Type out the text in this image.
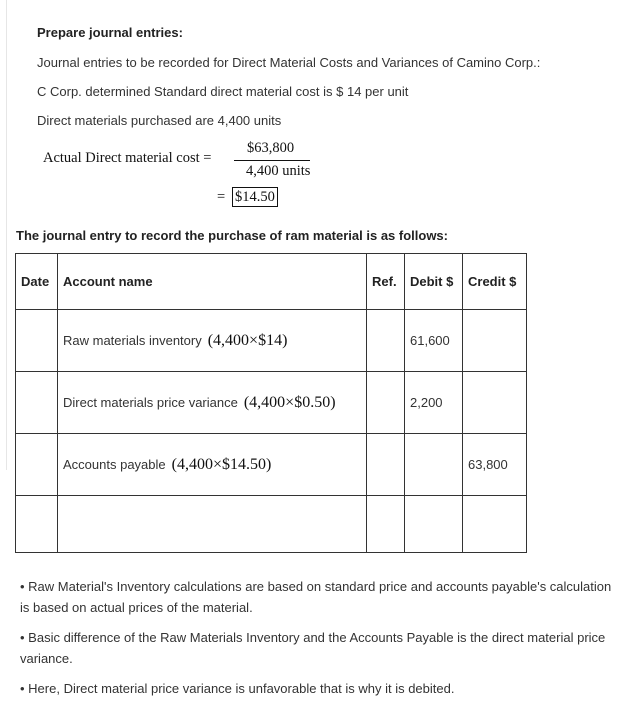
Prepare journal entries:
Journal entries to be recorded for Direct Material Costs and Variances of Camino Corp.:
C Corp. determined Standard direct material cost is $ 14 per unit
Direct materials purchased are 4,400 units
Actual Direct material cost =
$63,800
4,400 units
= $14.50
The journal entry to record the purchase of ram material is as follows:
Date	Account name	Ref.	Debit $	Credit $
	Raw materials inventory (4,400×$14)		61,600	
	Direct materials price variance (4,400×$0.50)		2,200	
	Accounts payable (4,400×$14.50)			63,800

• Raw Material's Inventory calculations are based on standard price and accounts payable's calculation is based on actual prices of the material.
• Basic difference of the Raw Materials Inventory and the Accounts Payable is the direct material price variance.
• Here, Direct material price variance is unfavorable that is why it is debited.
